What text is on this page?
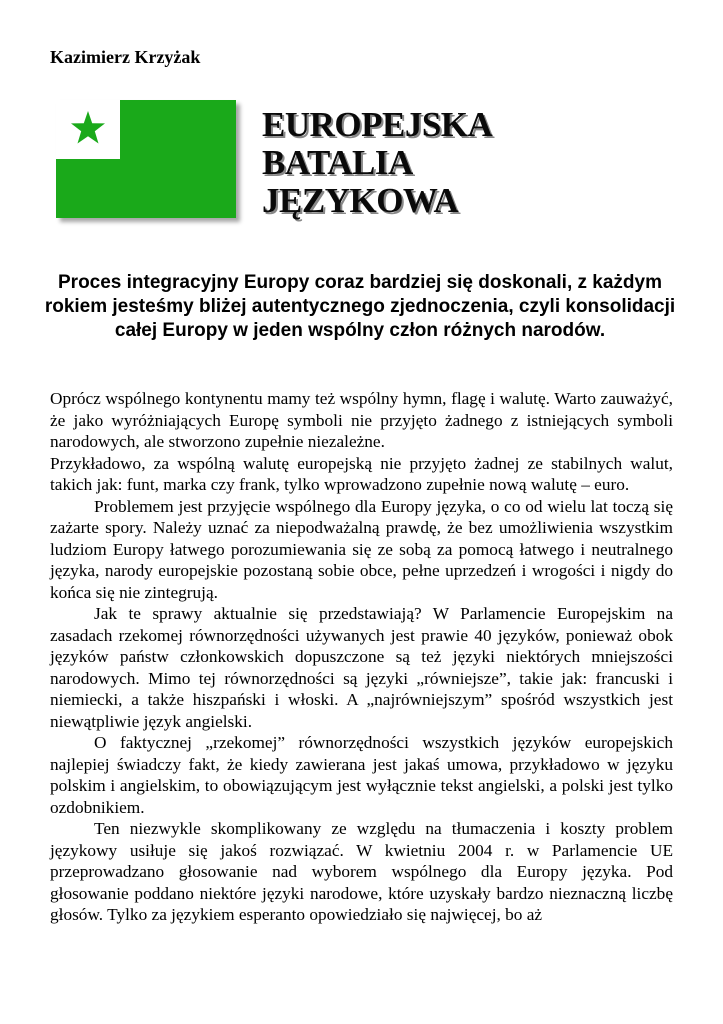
Kazimierz Krzyżak
EUROPEJSKA
BATALIA
JĘZYKOWA
Proces integracyjny Europy coraz bardziej się doskonali, z każdym rokiem jesteśmy bliżej autentycznego zjednoczenia, czyli konsolidacji całej Europy w jeden wspólny człon różnych narodów.

Oprócz wspólnego kontynentu mamy też wspólny hymn, flagę i walutę. Warto zauważyć, że jako wyróżniających Europę symboli nie przyjęto żadnego z istniejących symboli narodowych, ale stworzono zupełnie niezależne.

Przykładowo, za wspólną walutę europejską nie przyjęto żadnej ze stabilnych walut, takich jak: funt, marka czy frank, tylko wprowadzono zupełnie nową walutę – euro.

Problemem jest przyjęcie wspólnego dla Europy języka, o co od wielu lat toczą się zażarte spory. Należy uznać za niepodważalną prawdę, że bez umożliwienia wszystkim ludziom Europy łatwego porozumiewania się ze sobą za pomocą łatwego i neutralnego języka, narody europejskie pozostaną sobie obce, pełne uprzedzeń i wrogości i nigdy do końca się nie zintegrują.

Jak te sprawy aktualnie się przedstawiają? W Parlamencie Europejskim na zasadach rzekomej równorzędności używanych jest prawie 40 języków, ponieważ obok języków państw członkowskich dopuszczone są też języki niektórych mniejszości narodowych. Mimo tej równorzędności są języki „równiejsze”, takie jak: francuski i niemiecki, a także hiszpański i włoski. A „najrówniejszym” spośród wszystkich jest niewątpliwie język angielski.

O faktycznej „rzekomej” równorzędności wszystkich języków europejskich najlepiej świadczy fakt, że kiedy zawierana jest jakaś umowa, przykładowo w języku polskim i angielskim, to obowiązującym jest wyłącznie tekst angielski, a polski jest tylko ozdobnikiem.

Ten niezwykle skomplikowany ze względu na tłumaczenia i koszty problem językowy usiłuje się jakoś rozwiązać. W kwietniu 2004 r. w Parlamencie UE przeprowadzano głosowanie nad wyborem wspólnego dla Europy języka. Pod głosowanie poddano niektóre języki narodowe, które uzyskały bardzo nieznaczną liczbę głosów. Tylko za językiem esperanto opowiedziało się najwięcej, bo aż
